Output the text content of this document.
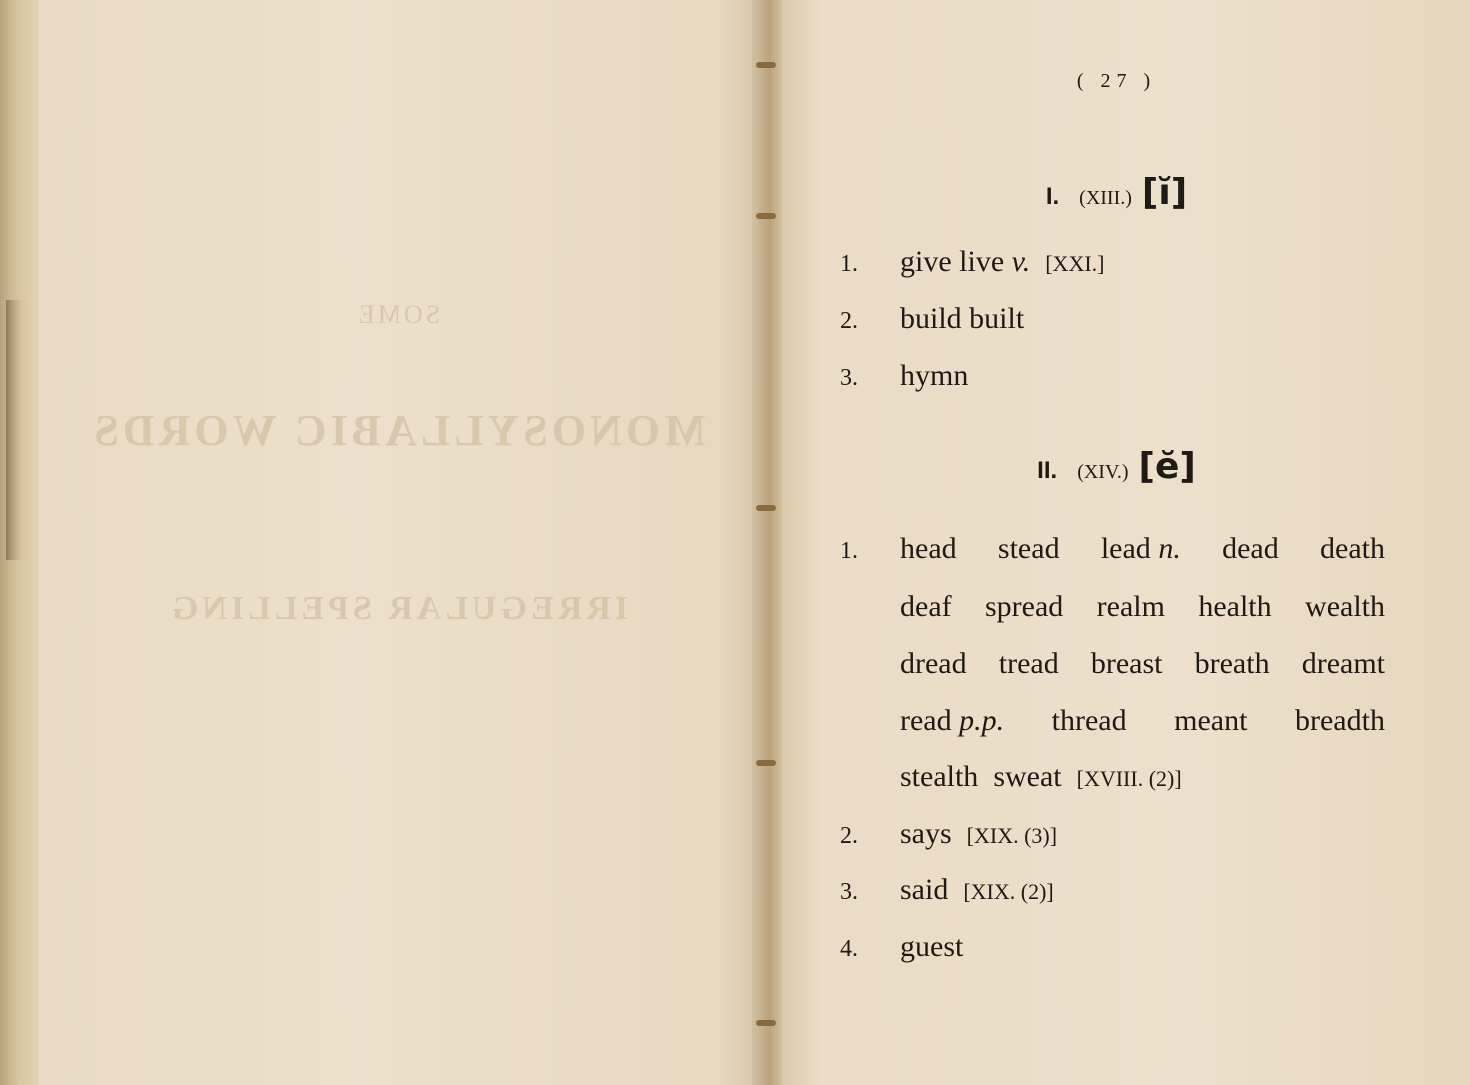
SOME
MONOSYLLABIC WORDS
IRREGULAR SPELLING
( 27 )
I. (XIII.) [ĭ]
1. give live v. [XXI.]
2. build built
3. hymn
II. (XIV.) [ĕ]
1.	head stead lead n. dead death
deaf spread realm health wealth
dread tread breast breath dreamt
read p.p. thread meant breadth
stealth sweat [XVIII. (2)]
2. says [XIX. (3)]
3. said [XIX. (2)]
4. guest
